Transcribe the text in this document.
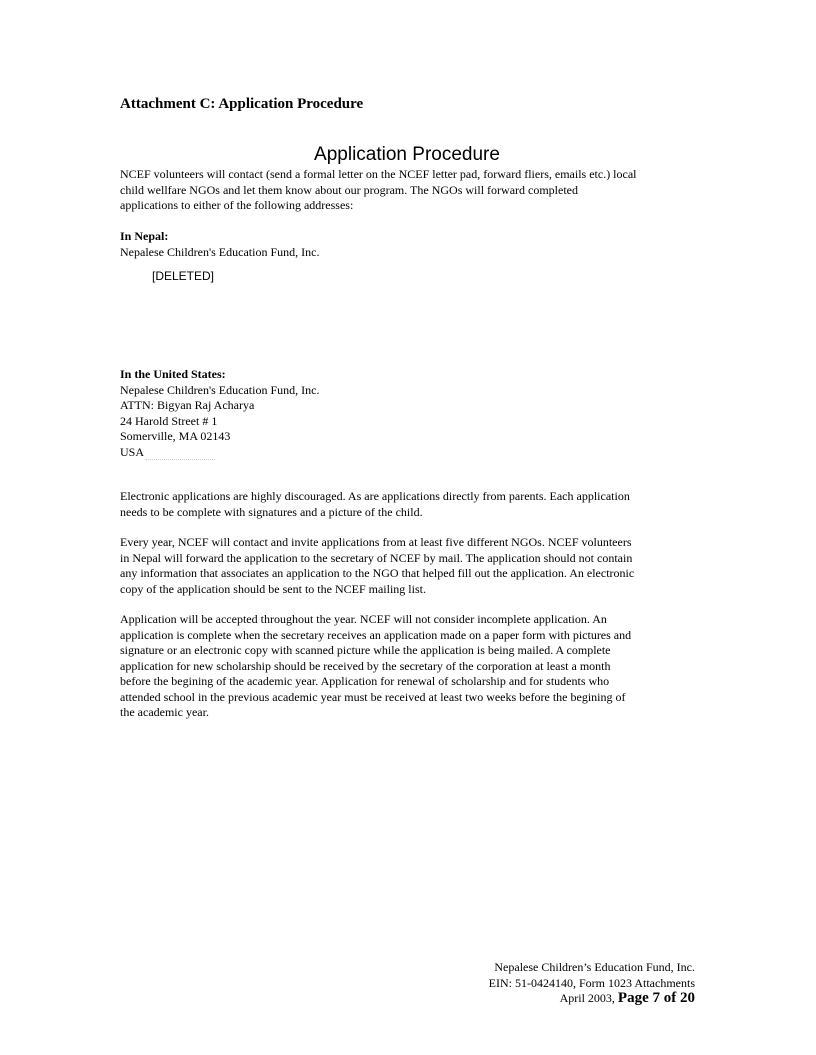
Attachment C: Application Procedure
Application Procedure

NCEF volunteers will contact (send a formal letter on the NCEF letter pad, forward fliers, emails etc.) local
child wellfare NGOs and let them know about our program. The NGOs will forward completed
applications to either of the following addresses:

In Nepal:
Nepalese Children's Education Fund, Inc.
[DELETED]
In the United States:
Nepalese Children's Education Fund, Inc.
ATTN: Bigyan Raj Acharya
24 Harold Street # 1
Somerville, MA 02143
USA

Electronic applications are highly discouraged. As are applications directly from parents. Each application
needs to be complete with signatures and a picture of the child.

Every year, NCEF will contact and invite applications from at least five different NGOs. NCEF volunteers
in Nepal will forward the application to the secretary of NCEF by mail. The application should not contain
any information that associates an application to the NGO that helped fill out the application. An electronic
copy of the application should be sent to the NCEF mailing list.

Application will be accepted throughout the year. NCEF will not consider incomplete application. An
application is complete when the secretary receives an application made on a paper form with pictures and
signature or an electronic copy with scanned picture while the application is being mailed. A complete
application for new scholarship should be received by the secretary of the corporation at least a month
before the begining of the academic year. Application for renewal of scholarship and for students who
attended school in the previous academic year must be received at least two weeks before the begining of
the academic year.

Nepalese Children’s Education Fund, Inc.
EIN: 51-0424140, Form 1023 Attachments
April 2003, Page 7 of 20
